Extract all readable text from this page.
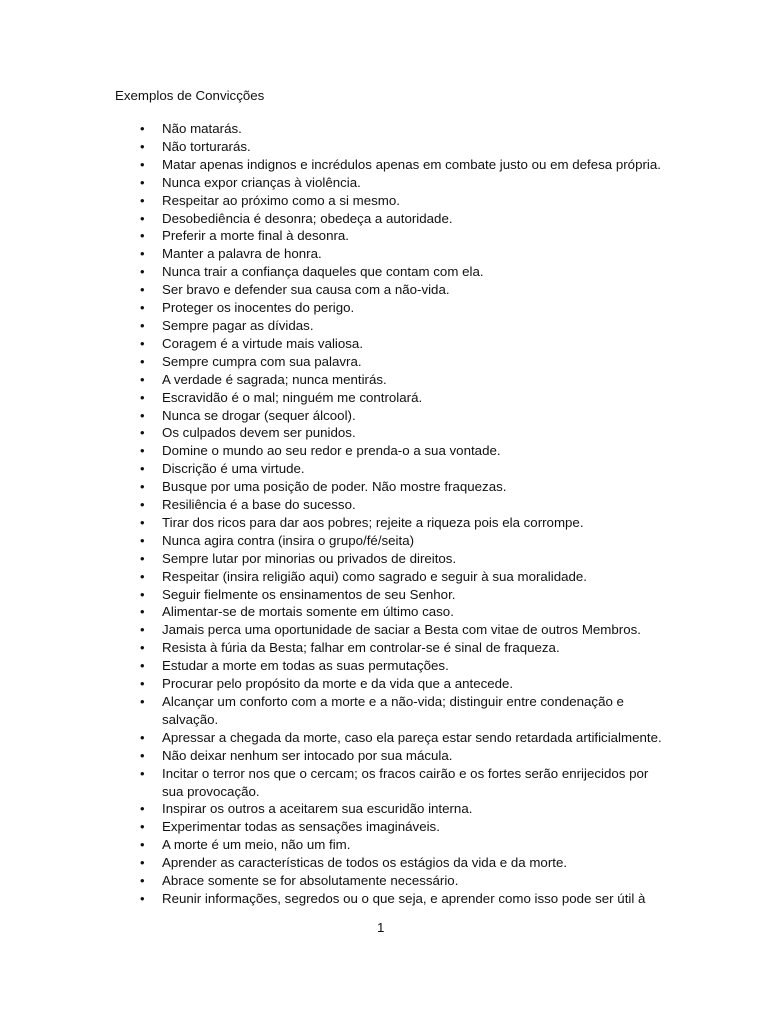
Exemplos de Convicções
• Não matarás.
• Não torturarás.
• Matar apenas indignos e incrédulos apenas em combate justo ou em defesa própria.
• Nunca expor crianças à violência.
• Respeitar ao próximo como a si mesmo.
• Desobediência é desonra; obedeça a autoridade.
• Preferir a morte final à desonra.
• Manter a palavra de honra.
• Nunca trair a confiança daqueles que contam com ela.
• Ser bravo e defender sua causa com a não-vida.
• Proteger os inocentes do perigo.
• Sempre pagar as dívidas.
• Coragem é a virtude mais valiosa.
• Sempre cumpra com sua palavra.
• A verdade é sagrada; nunca mentirás.
• Escravidão é o mal; ninguém me controlará.
• Nunca se drogar (sequer álcool).
• Os culpados devem ser punidos.
• Domine o mundo ao seu redor e prenda-o a sua vontade.
• Discrição é uma virtude.
• Busque por uma posição de poder. Não mostre fraquezas.
• Resiliência é a base do sucesso.
• Tirar dos ricos para dar aos pobres; rejeite a riqueza pois ela corrompe.
• Nunca agira contra (insira o grupo/fé/seita)
• Sempre lutar por minorias ou privados de direitos.
• Respeitar (insira religião aqui) como sagrado e seguir à sua moralidade.
• Seguir fielmente os ensinamentos de seu Senhor.
• Alimentar-se de mortais somente em último caso.
• Jamais perca uma oportunidade de saciar a Besta com vitae de outros Membros.
• Resista à fúria da Besta; falhar em controlar-se é sinal de fraqueza.
• Estudar a morte em todas as suas permutações.
• Procurar pelo propósito da morte e da vida que a antecede.
• Alcançar um conforto com a morte e a não-vida; distinguir entre condenação e salvação.
• Apressar a chegada da morte, caso ela pareça estar sendo retardada artificialmente.
• Não deixar nenhum ser intocado por sua mácula.
• Incitar o terror nos que o cercam; os fracos cairão e os fortes serão enrijecidos por sua provocação.
• Inspirar os outros a aceitarem sua escuridão interna.
• Experimentar todas as sensações imagináveis.
• A morte é um meio, não um fim.
• Aprender as características de todos os estágios da vida e da morte.
• Abrace somente se for absolutamente necessário.
• Reunir informações, segredos ou o que seja, e aprender como isso pode ser útil à
1
